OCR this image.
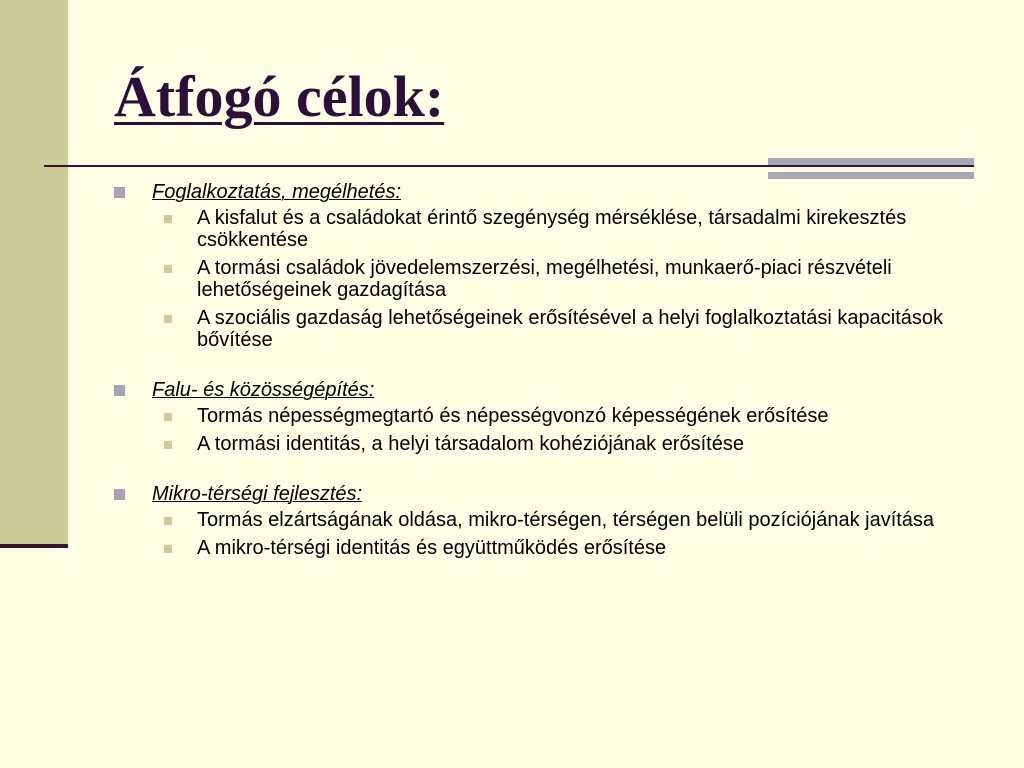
Átfogó célok:
Foglalkoztatás, megélhetés:
A kisfalut és a családokat érintő szegénység mérséklése, társadalmi kirekesztés csökkentése
A tormási családok jövedelemszerzési, megélhetési, munkaerő-piaci részvételi lehetőségeinek gazdagítása
A szociális gazdaság lehetőségeinek erősítésével a helyi foglalkoztatási kapacitások bővítése
Falu- és közösségépítés:
Tormás népességmegtartó és népességvonzó képességének erősítése
A tormási identitás, a helyi társadalom kohéziójának erősítése
Mikro-térségi fejlesztés:
Tormás elzártságának oldása, mikro-térségen, térségen belüli pozíciójának javítása
A mikro-térségi identitás és együttműködés erősítése
